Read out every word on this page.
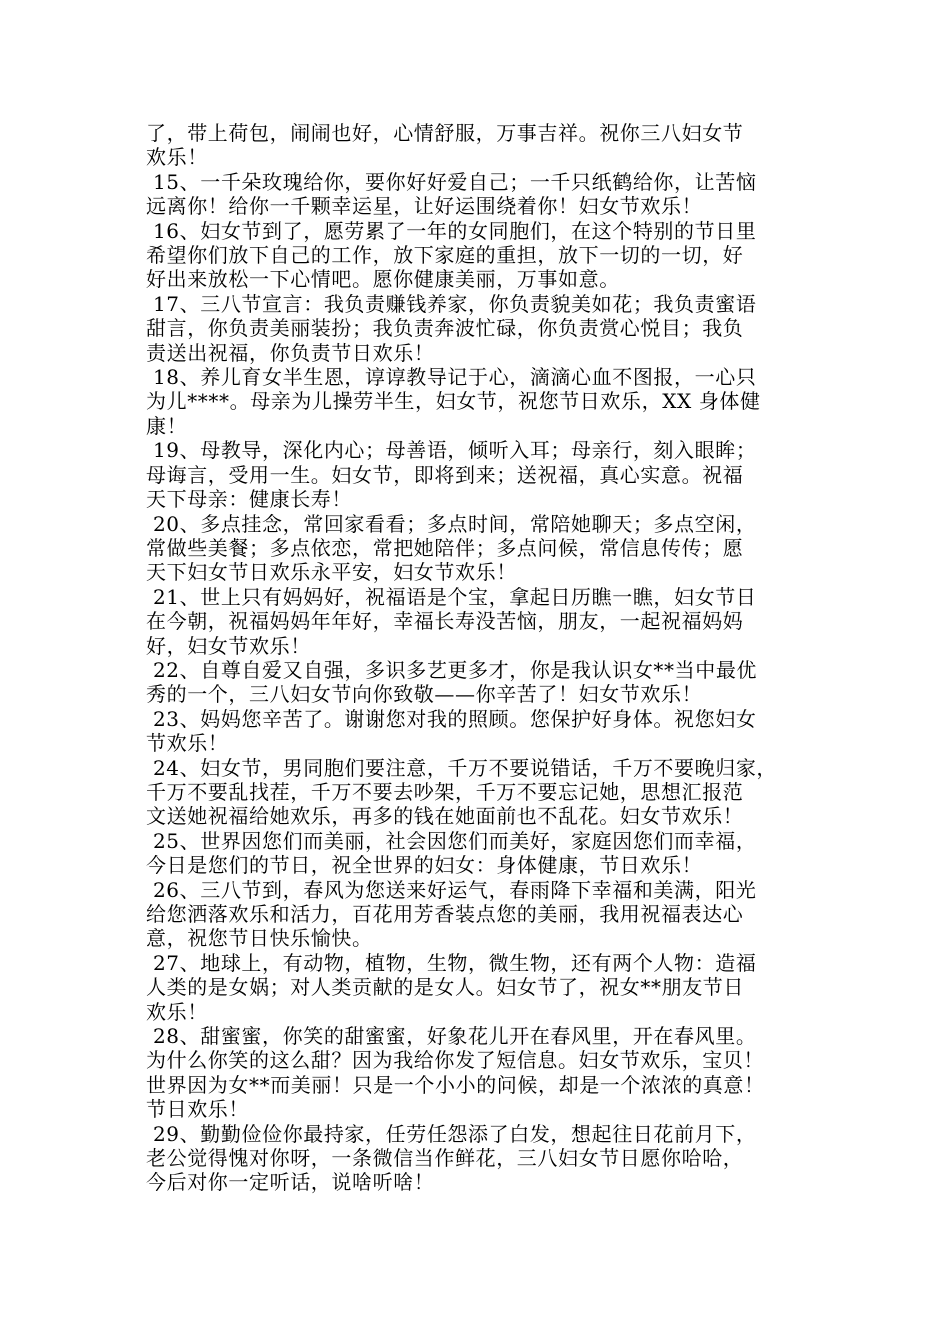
了，带上荷包，闹闹也好，心情舒服，万事吉祥。祝你三八妇女节

欢乐！

15、一千朵玫瑰给你，要你好好爱自己；一千只纸鹤给你，让苦恼

远离你！给你一千颗幸运星，让好运围绕着你！妇女节欢乐！

16、妇女节到了，愿劳累了一年的女同胞们，在这个特别的节日里

希望你们放下自己的工作，放下家庭的重担，放下一切的一切，好

好出来放松一下心情吧。愿你健康美丽，万事如意。

17、三八节宣言：我负责赚钱养家，你负责貌美如花；我负责蜜语

甜言，你负责美丽装扮；我负责奔波忙碌，你负责赏心悦目；我负

责送出祝福，你负责节日欢乐！

18、养儿育女半生恩，谆谆教导记于心，滴滴心血不图报，一心只

为儿****。母亲为儿操劳半生，妇女节，祝您节日欢乐，XX 身体健

康！

19、母教导，深化内心；母善语，倾听入耳；母亲行，刻入眼眸；

母诲言，受用一生。妇女节，即将到来；送祝福，真心实意。祝福

天下母亲：健康长寿！

20、多点挂念，常回家看看；多点时间，常陪她聊天；多点空闲，

常做些美餐；多点依恋，常把她陪伴；多点问候，常信息传传；愿

天下妇女节日欢乐永平安，妇女节欢乐！

21、世上只有妈妈好，祝福语是个宝，拿起日历瞧一瞧，妇女节日

在今朝，祝福妈妈年年好，幸福长寿没苦恼，朋友，一起祝福妈妈

好，妇女节欢乐！

22、自尊自爱又自强，多识多艺更多才，你是我认识女**当中最优

秀的一个，三八妇女节向你致敬——你辛苦了！妇女节欢乐！

23、妈妈您辛苦了。谢谢您对我的照顾。您保护好身体。祝您妇女

节欢乐！

24、妇女节，男同胞们要注意，千万不要说错话，千万不要晚归家，

千万不要乱找茬，千万不要去吵架，千万不要忘记她，思想汇报范

文送她祝福给她欢乐，再多的钱在她面前也不乱花。妇女节欢乐！

25、世界因您们而美丽，社会因您们而美好，家庭因您们而幸福，

今日是您们的节日，祝全世界的妇女：身体健康，节日欢乐！

26、三八节到，春风为您送来好运气，春雨降下幸福和美满，阳光

给您洒落欢乐和活力，百花用芳香装点您的美丽，我用祝福表达心

意，祝您节日快乐愉快。

27、地球上，有动物，植物，生物，微生物，还有两个人物：造福

人类的是女娲；对人类贡献的是女人。妇女节了，祝女**朋友节日

欢乐！

28、甜蜜蜜，你笑的甜蜜蜜，好象花儿开在春风里，开在春风里。

为什么你笑的这么甜？因为我给你发了短信息。妇女节欢乐，宝贝！

世界因为女**而美丽！只是一个小小的问候，却是一个浓浓的真意！

节日欢乐！

29、勤勤俭俭你最持家，任劳任怨添了白发，想起往日花前月下，

老公觉得愧对你呀，一条微信当作鲜花，三八妇女节日愿你哈哈，

今后对你一定听话，说啥听啥！
